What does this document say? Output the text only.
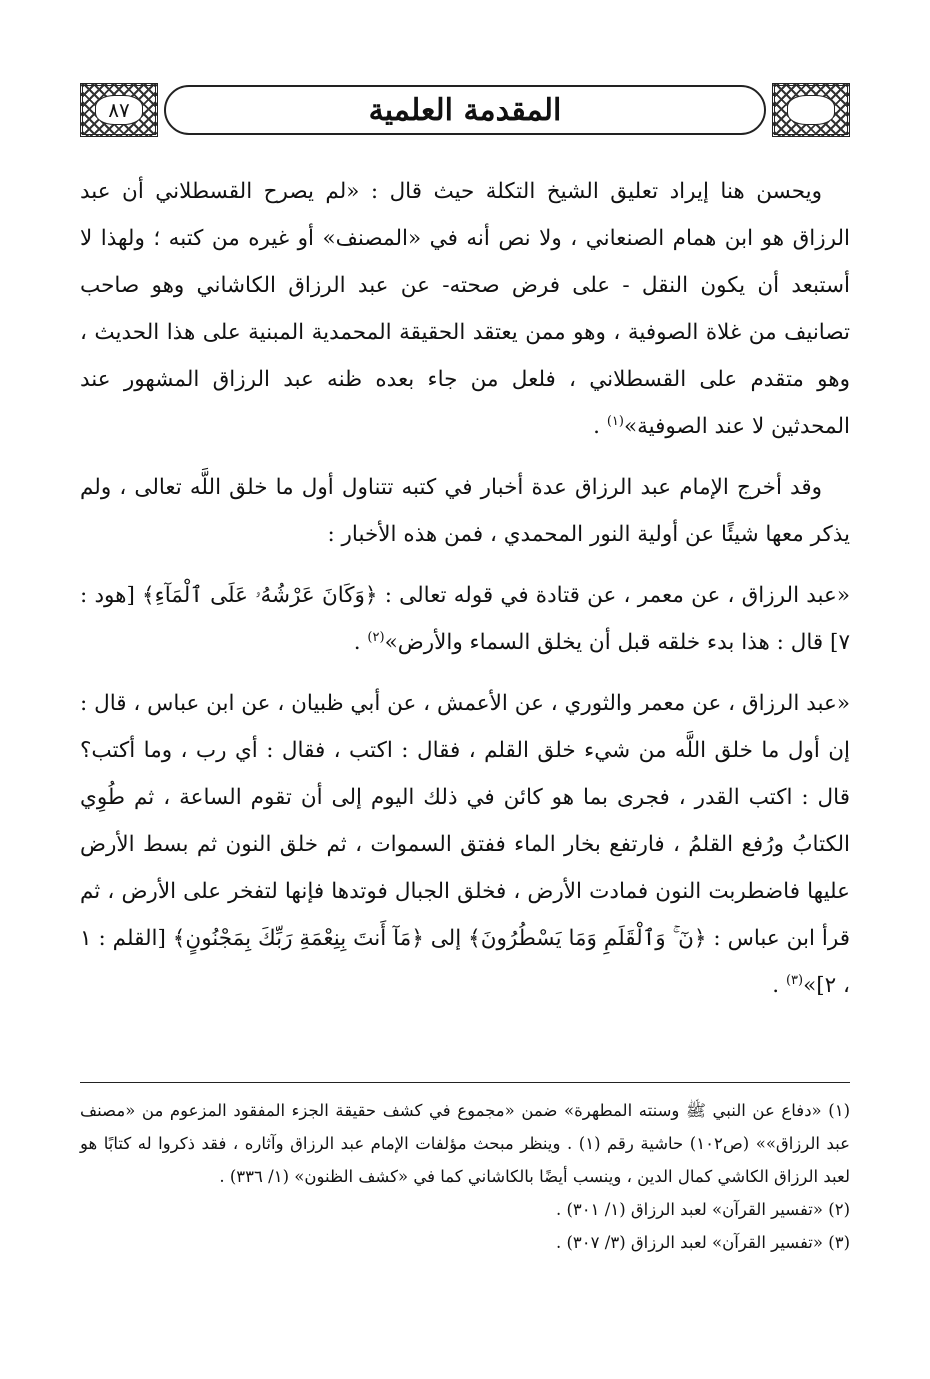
٨٧	المقدمة العلمية

ويحسن هنا إيراد تعليق الشيخ التكلة حيث قال : «لم يصرح القسطلاني أن عبد الرزاق هو ابن همام الصنعاني ، ولا نص أنه في «المصنف» أو غيره من كتبه ؛ ولهذا لا أستبعد أن يكون النقل - على فرض صحته- عن عبد الرزاق الكاشاني وهو صاحب تصانيف من غلاة الصوفية ، وهو ممن يعتقد الحقيقة المحمدية المبنية على هذا الحديث ، وهو متقدم على القسطلاني ، فلعل من جاء بعده ظنه عبد الرزاق المشهور عند المحدثين لا عند الصوفية»$^{(١)}$ .

وقد أخرج الإمام عبد الرزاق عدة أخبار في كتبه تتناول أول ما خلق اللَّه تعالى ، ولم يذكر معها شيئًا عن أولية النور المحمدي ، فمن هذه الأخبار :

«عبد الرزاق ، عن معمر ، عن قتادة في قوله تعالى : ﴿وَكَانَ عَرْشُهُۥ عَلَى ٱلْمَآءِ﴾ [هود : ٧] قال : هذا بدء خلقه قبل أن يخلق السماء والأرض»$^{(٢)}$ .

«عبد الرزاق ، عن معمر والثوري ، عن الأعمش ، عن أبي ظبيان ، عن ابن عباس ، قال : إن أول ما خلق اللَّه من شيء خلق القلم ، فقال : اكتب ، فقال : أي رب ، وما أكتب؟ قال : اكتب القدر ، فجرى بما هو كائن في ذلك اليوم إلى أن تقوم الساعة ، ثم طُوِي الكتابُ ورُفع القلمُ ، فارتفع بخار الماء ففتق السموات ، ثم خلق النون ثم بسط الأرض عليها فاضطربت النون فمادت الأرض ، فخلق الجبال فوتدها فإنها لتفخر على الأرض ، ثم قرأ ابن عباس : ﴿نٓ ۚ وَٱلْقَلَمِ وَمَا يَسْطُرُونَ﴾ إلى ﴿مَآ أَنتَ بِنِعْمَةِ رَبِّكَ بِمَجْنُونٍ﴾ [القلم : ١ ، ٢]»$^{(٣)}$ .

(١) «دفاع عن النبي ﷺ وسنته المطهرة» ضمن «مجموع في كشف حقيقة الجزء المفقود المزعوم من «مصنف عبد الرزاق»» (ص١٠٢) حاشية رقم (١) . وينظر مبحث مؤلفات الإمام عبد الرزاق وآثاره ، فقد ذكروا له كتابًا هو لعبد الرزاق الكاشي كمال الدين ، وينسب أيضًا بالكاشاني كما في «كشف الظنون» (١/ ٣٣٦) .

(٢) «تفسير القرآن» لعبد الرزاق (١/ ٣٠١) .

(٣) «تفسير القرآن» لعبد الرزاق (٣/ ٣٠٧) .
